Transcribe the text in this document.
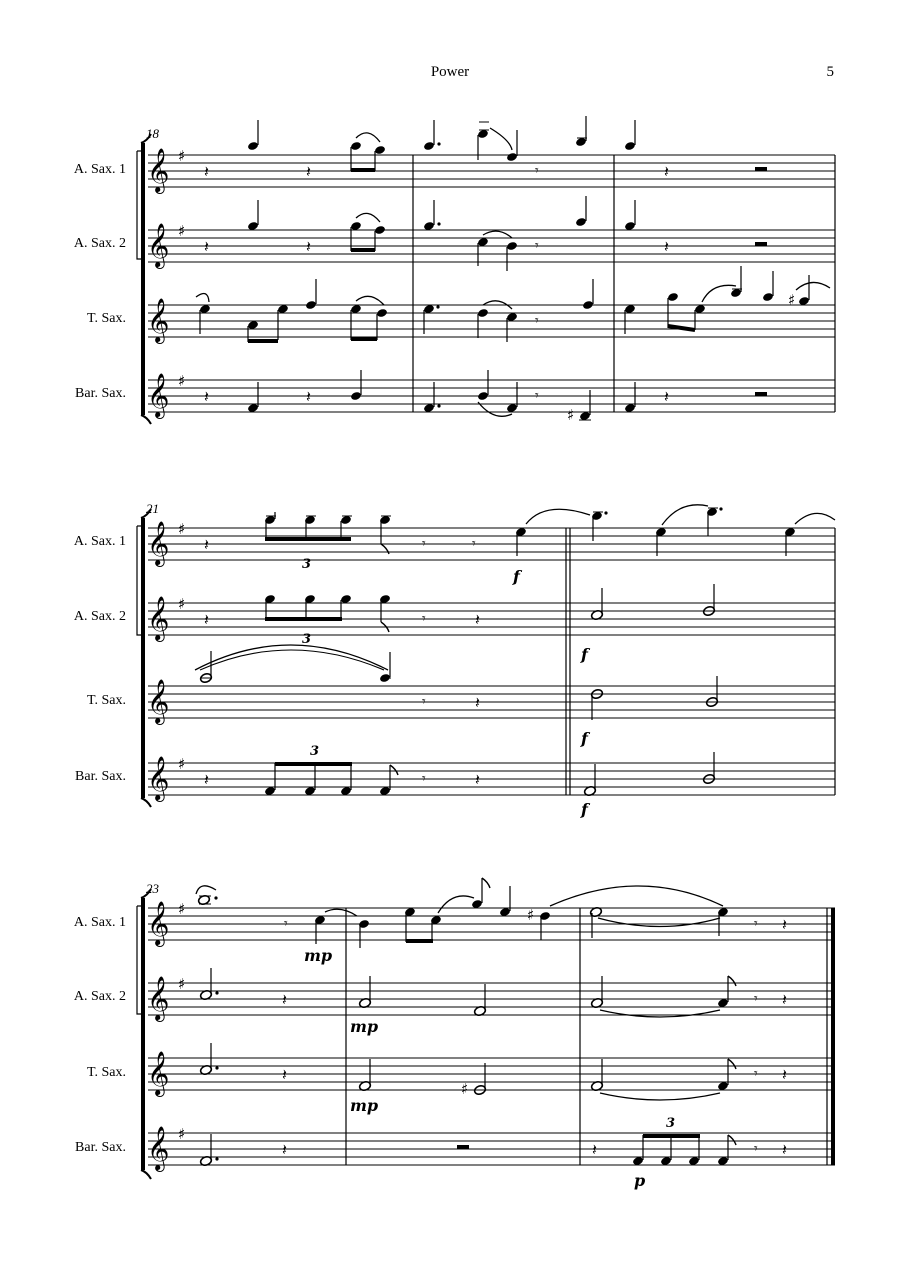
Power	5
18
A. Sax. 1
A. Sax. 2
T. Sax.
Bar. Sax.
𝄞
𝄞
𝄞
𝄞
♯
♯
♯
𝄽	𝄽	𝄾	𝄽
𝄽	𝄽	𝄾	𝄽
𝄾
♯
𝄽	𝄽	𝄾
♯
𝄽
21
A. Sax. 1
A. Sax. 2
T. Sax.
Bar. Sax.
𝄞
𝄞
𝄞
𝄞
♯
♯
♯
𝄽
3
𝄾	𝄾
f
𝄽
3
𝄾	𝄽
f
𝄾	𝄽
f
𝄽
3
𝄾	𝄽
f
23
A. Sax. 1
A. Sax. 2
T. Sax.
Bar. Sax.
𝄞
𝄞
𝄞
𝄞
♯
♯
♯
𝄾
mp
♯	𝄾 𝄽
𝄽
mp
𝄾 𝄽
𝄽
mp
♯
𝄾 𝄽
𝄽	𝄽
3
p
𝄾 𝄽
